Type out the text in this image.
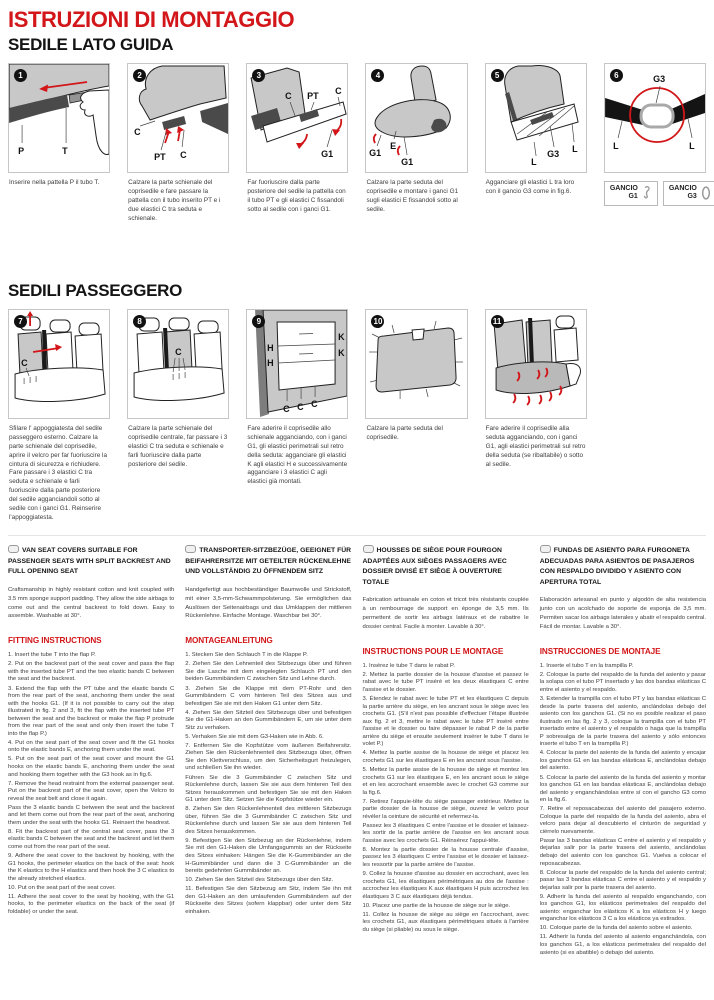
ISTRUZIONI DI MONTAGGIO
SEDILE LATO GUIDA
1
P	T

Inserire nella pattella P il tubo T.

2
C
PT C

Calzare la parte schienale del coprisedile e fare passare la pattella con il tubo inserito PT e i due elastici C tra seduta e schienale.

3
C PT C
G1

Far fuoriuscire dalla parte posteriore del sedile la pattella con il tubo PT e gli elastici C fissandoli sotto al sedile con i ganci G1.

4
G1
E
G1

Calzare la parte seduta del coprisedile e montare i ganci G1 sugli elastici E fissandoli sotto al sedile.

5
L
G3 L

Agganciare gli elastici L tra loro con il gancio G3 come in fig.6.

6	G3
L	L
GANCIO
G1
GANCIO
G3
SEDILI PASSEGGERO
7
C

Sfilare l' appoggiatesta del sedile passeggero esterno. Calzare la parte schienale del coprisedile, aprire il velcro per far fuoriuscire la cintura di sicurezza e richiudere. Fare passare i 3 elastici C tra seduta e schienale e farli fuoriuscire dalla parte posteriore del sedile agganciandoli sotto al sedile con i ganci G1. Reinserire l'appoggiatesta.

8
C

Calzare la parte schienale del coprisedile centrale, far passare i 3 elastici C tra seduta e schienale e farli fuoriuscire dalla parte posteriore del sedile.

9
H
H
K
K
C C C

Fare aderire il coprisedile allo schienale agganciando, con i ganci G1, gli elastici perimetrali sul retro della seduta: agganciare gli elastici K agli elastici H e successivamente agganciare i 3 elastici C agli elastici già montati.

10

Calzare la parte seduta del coprisedile.

11

Fare aderire il coprisedile alla seduta agganciando, con i ganci G1, agli elastici perimetrali sul retro della seduta (se ribaltabile) o sotto al sedile.

VAN SEAT COVERS SUITABLE FOR PASSENGER SEATS WITH SPLIT BACKREST AND FULL OPENING SEAT

Craftsmanship in highly resistant cotton and knit coupled with 3.5 mm sponge support padding. They allow the side airbags to come out and the central backrest to fold down. Easy to assemble. Washable at 30°.

FITTING INSTRUCTIONS

1. Insert the tube T into the flap P.

2. Put on the backrest part of the seat cover and pass the flap with the inserted tube PT and the two elastic bands C between the seat and the backrest.

3. Extend the flap with the PT tube and the elastic bands C from the rear part of the seat, anchoring them under the seat with the hooks G1. (If it is not possible to carry out the step illustrated in fig. 2 and 3, fit the flap with the inserted tube PT between the seat and the backrest or make the flap P protrude from the rear part of the seat and only then insert the tube T into the flap P.)

4. Put on the seat part of the seat cover and fit the G1 hooks onto the elastic bands E, anchoring them under the seat.

5. Put on the seat part of the seat cover and mount the G1 hooks on the elastic bands E, anchoring them under the seat and hooking them together with the G3 hook as in fig.6.

7. Remove the head restraint from the external passenger seat. Put on the backrest part of the seat cover, open the Velcro to reveal the seat belt and close it again.

Pass the 3 elastic bands C between the seat and the backrest and let them come out from the rear part of the seat, anchoring them under the seat with the hooks G1. Reinsert the headrest.

8. Fit the backrest part of the central seat cover, pass the 3 elastic bands C between the seat and the backrest and let them come out from the rear part of the seat.

9. Adhere the seat cover to the backrest by hooking, with the G1 hooks, the perimeter elastics on the back of the seat: hook the K elastics to the H elastics and then hook the 3 C elastics to the already stretched elastics.

10. Put on the seat part of the seat cover.

11. Adhere the seat cover to the seat by hooking, with the G1 hooks, to the perimeter elastics on the back of the seat (if foldable) or under the seat.

TRANSPORTER-SITZBEZÜGE, GEEIGNET FÜR BEIFAHRERSITZE MIT GETEILTER RÜCKENLEHNE UND VOLLSTÄNDIG ZU ÖFFNENDEM SITZ

Handgefertigt aus hochbeständiger Baumwolle und Strickstoff, mit einer 3,5-mm-Schwammpolsterung. Sie ermöglichen das Auslösen der Seitenairbags und das Umklappen der mittleren Rückenlehne. Einfache Montage. Waschbar bei 30°.

MONTAGEANLEITUNG

1. Stecken Sie den Schlauch T in die Klappe P.

2. Ziehen Sie den Lehnenteil des Sitzbezugs über und führen Sie die Lasche mit dem eingelegten Schlauch PT und den beiden Gummibändern C zwischen Sitz und Lehne durch.

3. Ziehen Sie die Klappe mit dem PT-Rohr und den Gummibändern C vom hinteren Teil des Sitzes aus und befestigen Sie sie mit den Haken G1 unter dem Sitz.

4. Ziehen Sie den Sitzteil des Sitzbezugs über und befestigen Sie die G1-Haken an den Gummibändern E, um sie unter dem Sitz zu verhaken.

5. Verhaken Sie sie mit dem G3-Haken wie in Abb. 6.

7. Entfernen Sie die Kopfstütze vom äußeren Beifahrersitz. Ziehen Sie den Rückenlehnenteil des Sitzbezugs über, öffnen Sie den Klettverschluss, um den Sicherheitsgurt freizulegen, und schließen Sie ihn wieder.

Führen Sie die 3 Gummibänder C zwischen Sitz und Rückenlehne durch, lassen Sie sie aus dem hinteren Teil des Sitzes herauskommen und befestigen Sie sie mit den Haken G1 unter dem Sitz. Setzen Sie die Kopfstütze wieder ein.

8. Ziehen Sie den Rückenlehnenteil des mittleren Sitzbezugs über, führen Sie die 3 Gummibänder C zwischen Sitz und Rückenlehne durch und lassen Sie sie aus dem hinteren Teil des Sitzes herauskommen.

9. Befestigen Sie den Sitzbezug an der Rückenlehne, indem Sie mit den G1-Haken die Umfangsgummis an der Rückseite des Sitzes einhaken: Hängen Sie die K-Gummibänder an die H-Gummibänder und dann die 3 C-Gummibänder an die bereits gedehnten Gummibänder an.

10. Ziehen Sie den Sitzteil des Sitzbezugs über den Sitz.

11. Befestigen Sie den Sitzbezug am Sitz, indem Sie ihn mit den G1-Haken an den umlaufenden Gummibändern auf der Rückseite des Sitzes (sofern klappbar) oder unter dem Sitz einhaken.

HOUSSES DE SIÈGE POUR FOURGON ADAPTÉES AUX SIÈGES PASSAGERS AVEC DOSSIER DIVISÉ ET SIÈGE À OUVERTURE TOTALE

Fabrication artisanale en coton et tricot très résistants couplée à un rembourrage de support en éponge de 3,5 mm. Ils permettent de sortir les airbags latéraux et de rabattre le dossier central. Facile à monter. Lavable à 30°.

INSTRUCTIONS POUR LE MONTAGE

1. Insérez le tube T dans le rabat P.

2. Mettez la partie dossier de la housse d'assise et passez le rabat avec le tube PT inséré et les deux élastiques C entre l'assise et le dossier.

3. Étendez le rabat avec le tube PT et les élastiques C depuis la partie arrière du siège, en les ancrant sous le siège avec les crochets G1. (S'il n'est pas possible d'effectuer l'étape illustrée aux fig. 2 et 3, mettre le rabat avec le tube PT inséré entre l'assise et le dossier ou faire dépasser le rabat P de la partie arrière du siège et ensuite seulement insérer le tube T dans le volet P.)

4. Mettez la partie assise de la housse de siège et placez les crochets G1 sur les élastiques E en les ancrant sous l'assise.

5. Mettez la partie assise de la housse de siège et montez les crochets G1 sur les élastiques E, en les ancrant sous le siège et en les accrochant ensemble avec le crochet G3 comme sur la fig.6.

7. Retirez l'appuie-tête du siège passager extérieur. Mettez la partie dossier de la housse de siège, ouvrez le velcro pour révéler la ceinture de sécurité et refermez-la.

Passez les 3 élastiques C entre l'assise et le dossier et laissez-les sortir de la partie arrière de l'assise en les ancrant sous l'assise avec les crochets G1. Réinsérez l'appui-tête.

8. Montez la partie dossier de la housse centrale d'assise, passez les 3 élastiques C entre l'assise et le dossier et laissez-les ressortir par la partie arrière de l'assise.

9. Collez la housse d'assise au dossier en accrochant, avec les crochets G1, les élastiques périmétriques au dos de l'assise : accrochez les élastiques K aux élastiques H puis accrochez les élastiques 3 C aux élastiques déjà tendus.

10. Placez une partie de la housse de siège sur le siège.

11. Collez la housse de siège au siège en l'accrochant, avec les crochets G1, aux élastiques périmétriques situés à l'arrière du siège (si pliable) ou sous le siège.

FUNDAS DE ASIENTO PARA FURGONETA ADECUADAS PARA ASIENTOS DE PASAJEROS CON RESPALDO DIVIDIDO Y ASIENTO CON APERTURA TOTAL

Elaboración artesanal en punto y algodón de alta resistencia junto con un acolchado de soporte de esponja de 3,5 mm. Permiten sacar los airbags laterales y abatir el respaldo central. Fácil de montar. Lavable a 30°.

INSTRUCCIONES DE MONTAJE

1. Inserte el tubo T en la trampilla P.

2. Coloque la parte del respaldo de la funda del asiento y pasar la solapa con el tubo PT insertado y las dos bandas elásticas C entre el asiento y el respaldo.

3. Extender la trampilla con el tubo PT y las bandas elásticas C desde la parte trasera del asiento, anclándolas debajo del asiento con los ganchos G1. (Si no es posible realizar el paso ilustrado en las fig. 2 y 3, coloque la trampilla con el tubo PT insertado entre el asiento y el respaldo o haga que la trampilla P sobresalga de la parte trasera del asiento y sólo entonces inserte el tubo T en la trampilla P.)

4. Colocar la parte del asiento de la funda del asiento y encajar los ganchos G1 en las bandas elásticas E, anclándolas debajo del asiento.

5. Colocar la parte del asiento de la funda del asiento y montar los ganchos G1 en las bandas elásticas E, anclándolas debajo del asiento y enganchándolas entre sí con el gancho G3 como en la fig.6.

7. Retire el reposacabezas del asiento del pasajero externo. Coloque la parte del respaldo de la funda del asiento, abra el velcro para dejar al descubierto el cinturón de seguridad y ciérrelo nuevamente.

Pasar las 3 bandas elásticas C entre el asiento y el respaldo y dejarlas salir por la parte trasera del asiento, anclándolas debajo del asiento con los ganchos G1. Vuelva a colocar el reposacabezas.

8. Colocar la parte del respaldo de la funda del asiento central; pasar las 3 bandas elásticas C entre el asiento y el respaldo y dejarlas salir por la parte trasera del asiento.

9. Adherir la funda del asiento al respaldo enganchando, con los ganchos G1, los elásticos perimetrales del respaldo del asiento: enganchar los elásticos K a los elásticos H y luego enganchar los elásticos 3 C a los elásticos ya estirados.

10. Coloque parte de la funda del asiento sobre el asiento.

11. Adherir la funda del asiento al asiento enganchándola, con los ganchos G1, a los elásticos perimetrales del respaldo del asiento (si es abatible) o debajo del asiento.
